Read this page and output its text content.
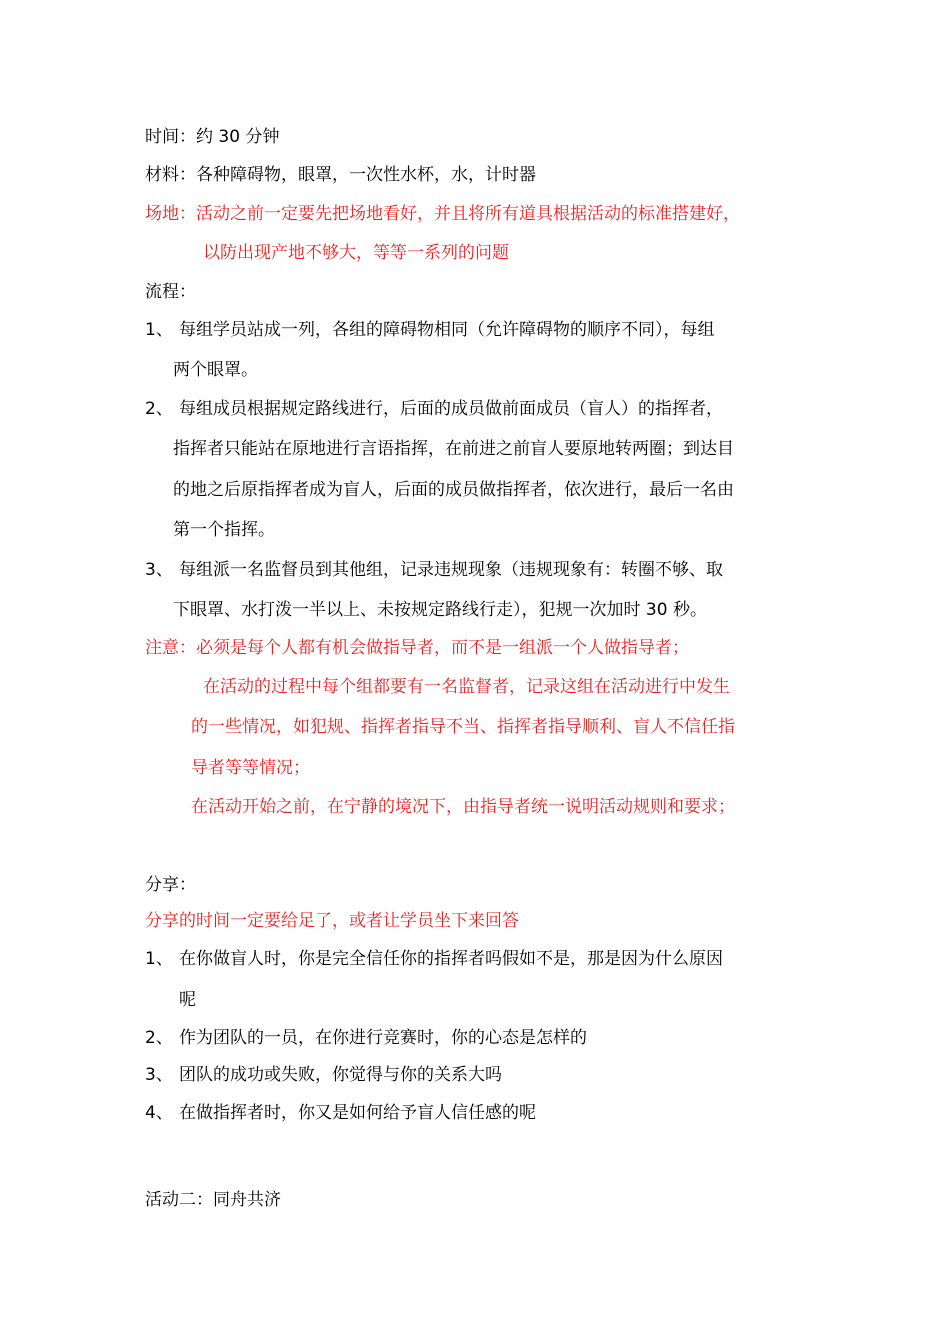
时间：约 30 分钟
材料：各种障碍物，眼罩，一次性水杯，水，计时器
场地：活动之前一定要先把场地看好，并且将所有道具根据活动的标准搭建好，
以防出现产地不够大，等等一系列的问题
流程：
1、 每组学员站成一列，各组的障碍物相同（允许障碍物的顺序不同），每组
两个眼罩。
2、 每组成员根据规定路线进行，后面的成员做前面成员（盲人）的指挥者，
指挥者只能站在原地进行言语指挥，在前进之前盲人要原地转两圈；到达目
的地之后原指挥者成为盲人，后面的成员做指挥者，依次进行，最后一名由
第一个指挥。
3、 每组派一名监督员到其他组，记录违规现象（违规现象有：转圈不够、取
下眼罩、水打泼一半以上、未按规定路线行走），犯规一次加时 30 秒。
注意：必须是每个人都有机会做指导者，而不是一组派一个人做指导者；
在活动的过程中每个组都要有一名监督者，记录这组在活动进行中发生
的一些情况，如犯规、指挥者指导不当、指挥者指导顺利、盲人不信任指
导者等等情况；
在活动开始之前，在宁静的境况下，由指导者统一说明活动规则和要求；
分享：
分享的时间一定要给足了，或者让学员坐下来回答
1、 在你做盲人时，你是完全信任你的指挥者吗假如不是，那是因为什么原因
呢
2、 作为团队的一员，在你进行竞赛时，你的心态是怎样的
3、 团队的成功或失败，你觉得与你的关系大吗
4、 在做指挥者时，你又是如何给予盲人信任感的呢
活动二：同舟共济
